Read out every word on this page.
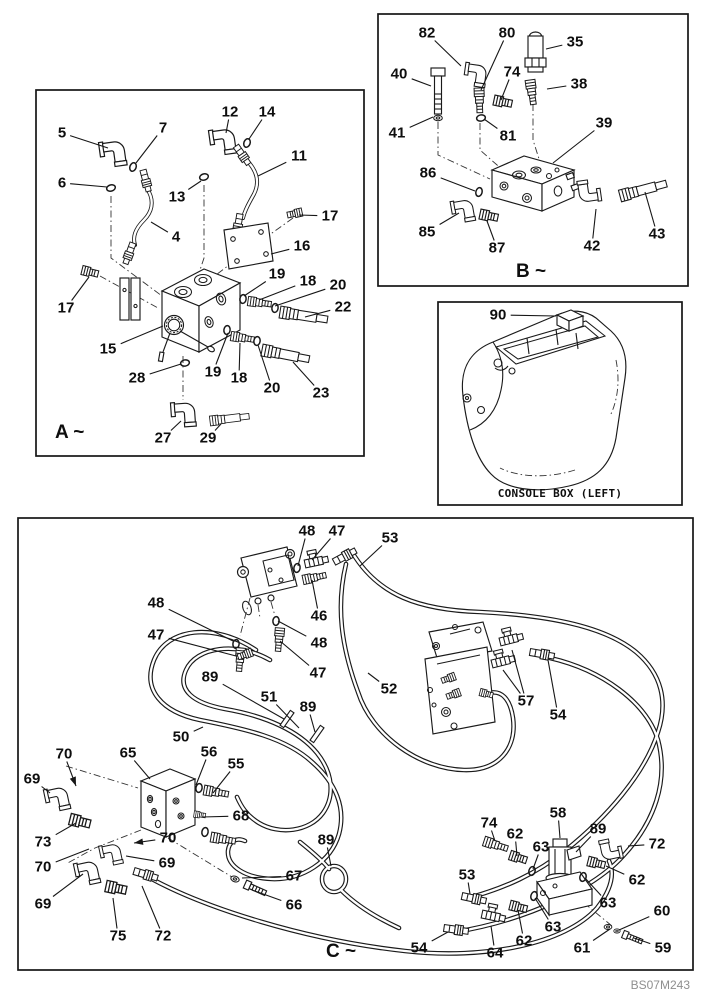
A ~
B ~
CONSOLE BOX (LEFT)
C ~
BS07M243
5	7
12 14
11
6
13
4
17
16
19 18 20
22
17
15
28	19 18
20 23
27 29
82	80
35
40	74
38
41	81
39
86
85
87	42
43
90
48 47 53
46
48
47
48
47
89
51
89
50
52
57
54
89
67
66
70
69
65	56
55
68
73	70
69
70
69
75 72
54	64
53
74
62
63
58
89
72
62
63
63
62
60
61	59
